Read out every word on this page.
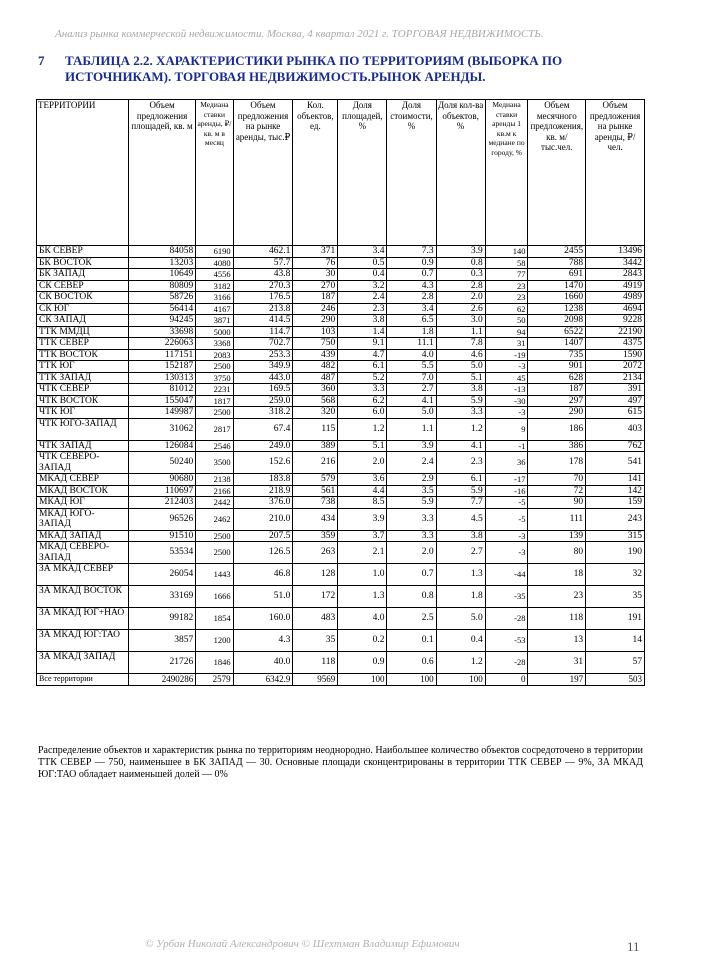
Анализ рынка коммерческой недвижимости. Москва, 4 квартал 2021 г. ТОРГОВАЯ НЕДВИЖИМОСТЬ.
7 ТАБЛИЦА 2.2. ХАРАКТЕРИСТИКИ РЫНКА ПО ТЕРРИТОРИЯМ (ВЫБОРКА ПО ИСТОЧНИКАМ). ТОРГОВАЯ НЕДВИЖИМОСТЬ.РЫНОК АРЕНДЫ.
ТЕРРИТОРИИ	Объем предложения площадей, кв. м	Медиана ставки аренды, ₽/кв. м в месяц	Объем предложения на рынке аренды, тыс.₽	Кол. объектов, ед.	Доля площадей, %	Доля стоимости, %	Доля кол-ва объектов, %	Медиана ставки аренды 1 кв.м к медиане по городу, %	Объем месячного предложения, кв. м/ тыс.чел.	Объем предложения на рынке аренды, ₽/чел.
БК СЕВЕР	84058	6190	462.1	371	3.4	7.3	3.9	140	2455	13496
БК ВОСТОК	13203	4080	57.7	76	0.5	0.9	0.8	58	788	3442
БК ЗАПАД	10649	4556	43.8	30	0.4	0.7	0.3	77	691	2843
СК СЕВЕР	80809	3182	270.3	270	3.2	4.3	2.8	23	1470	4919
СК ВОСТОК	58726	3166	176.5	187	2.4	2.8	2.0	23	1660	4989
СК ЮГ	56414	4167	213.8	246	2.3	3.4	2.6	62	1238	4694
СК ЗАПАД	94245	3871	414.5	290	3.8	6.5	3.0	50	2098	9228
ТТК ММДЦ	33698	5000	114.7	103	1.4	1.8	1.1	94	6522	22190
ТТК СЕВЕР	226063	3368	702.7	750	9.1	11.1	7.8	31	1407	4375
ТТК ВОСТОК	117151	2083	253.3	439	4.7	4.0	4.6	-19	735	1590
ТТК ЮГ	152187	2500	349.9	482	6.1	5.5	5.0	-3	901	2072
ТТК ЗАПАД	130313	3750	443.0	487	5.2	7.0	5.1	45	628	2134
ЧТК СЕВЕР	81012	2231	169.5	360	3.3	2.7	3.8	-13	187	391
ЧТК ВОСТОК	155047	1817	259.0	568	6.2	4.1	5.9	-30	297	497
ЧТК ЮГ	149987	2500	318.2	320	6.0	5.0	3.3	-3	290	615
ЧТК ЮГО-ЗАПАД	31062	2817	67.4	115	1.2	1.1	1.2	9	186	403
ЧТК ЗАПАД	126084	2546	249.0	389	5.1	3.9	4.1	-1	386	762
ЧТК СЕВЕРО-ЗАПАД	50240	3500	152.6	216	2.0	2.4	2.3	36	178	541
МКАД СЕВЕР	90680	2138	183.8	579	3.6	2.9	6.1	-17	70	141
МКАД ВОСТОК	110697	2166	218.9	561	4.4	3.5	5.9	-16	72	142
МКАД ЮГ	212403	2442	376.0	738	8.5	5.9	7.7	-5	90	159
МКАД ЮГО-ЗАПАД	96526	2462	210.0	434	3.9	3.3	4.5	-5	111	243
МКАД ЗАПАД	91510	2500	207.5	359	3.7	3.3	3.8	-3	139	315
МКАД СЕВЕРО-ЗАПАД	53534	2500	126.5	263	2.1	2.0	2.7	-3	80	190
ЗА МКАД СЕВЕР	26054	1443	46.8	128	1.0	0.7	1.3	-44	18	32
ЗА МКАД ВОСТОК	33169	1666	51.0	172	1.3	0.8	1.8	-35	23	35
ЗА МКАД ЮГ+НАО	99182	1854	160.0	483	4.0	2.5	5.0	-28	118	191
ЗА МКАД ЮГ:ТАО	3857	1200	4.3	35	0.2	0.1	0.4	-53	13	14
ЗА МКАД ЗАПАД	21726	1846	40.0	118	0.9	0.6	1.2	-28	31	57
Все территории	2490286	2579	6342.9	9569	100	100	100	0	197	503
Распределение объектов и характеристик рынка по территориям неоднородно. Наибольшее количество объектов сосредоточено в территории ТТК СЕВЕР — 750, наименьшее в БК ЗАПАД — 30. Основные площади сконцентрированы в территории ТТК СЕВЕР — 9%, ЗА МКАД ЮГ:ТАО обладает наименьшей долей — 0%
© Урбан Николай Александрович © Шехтман Владимир Ефимович	11
